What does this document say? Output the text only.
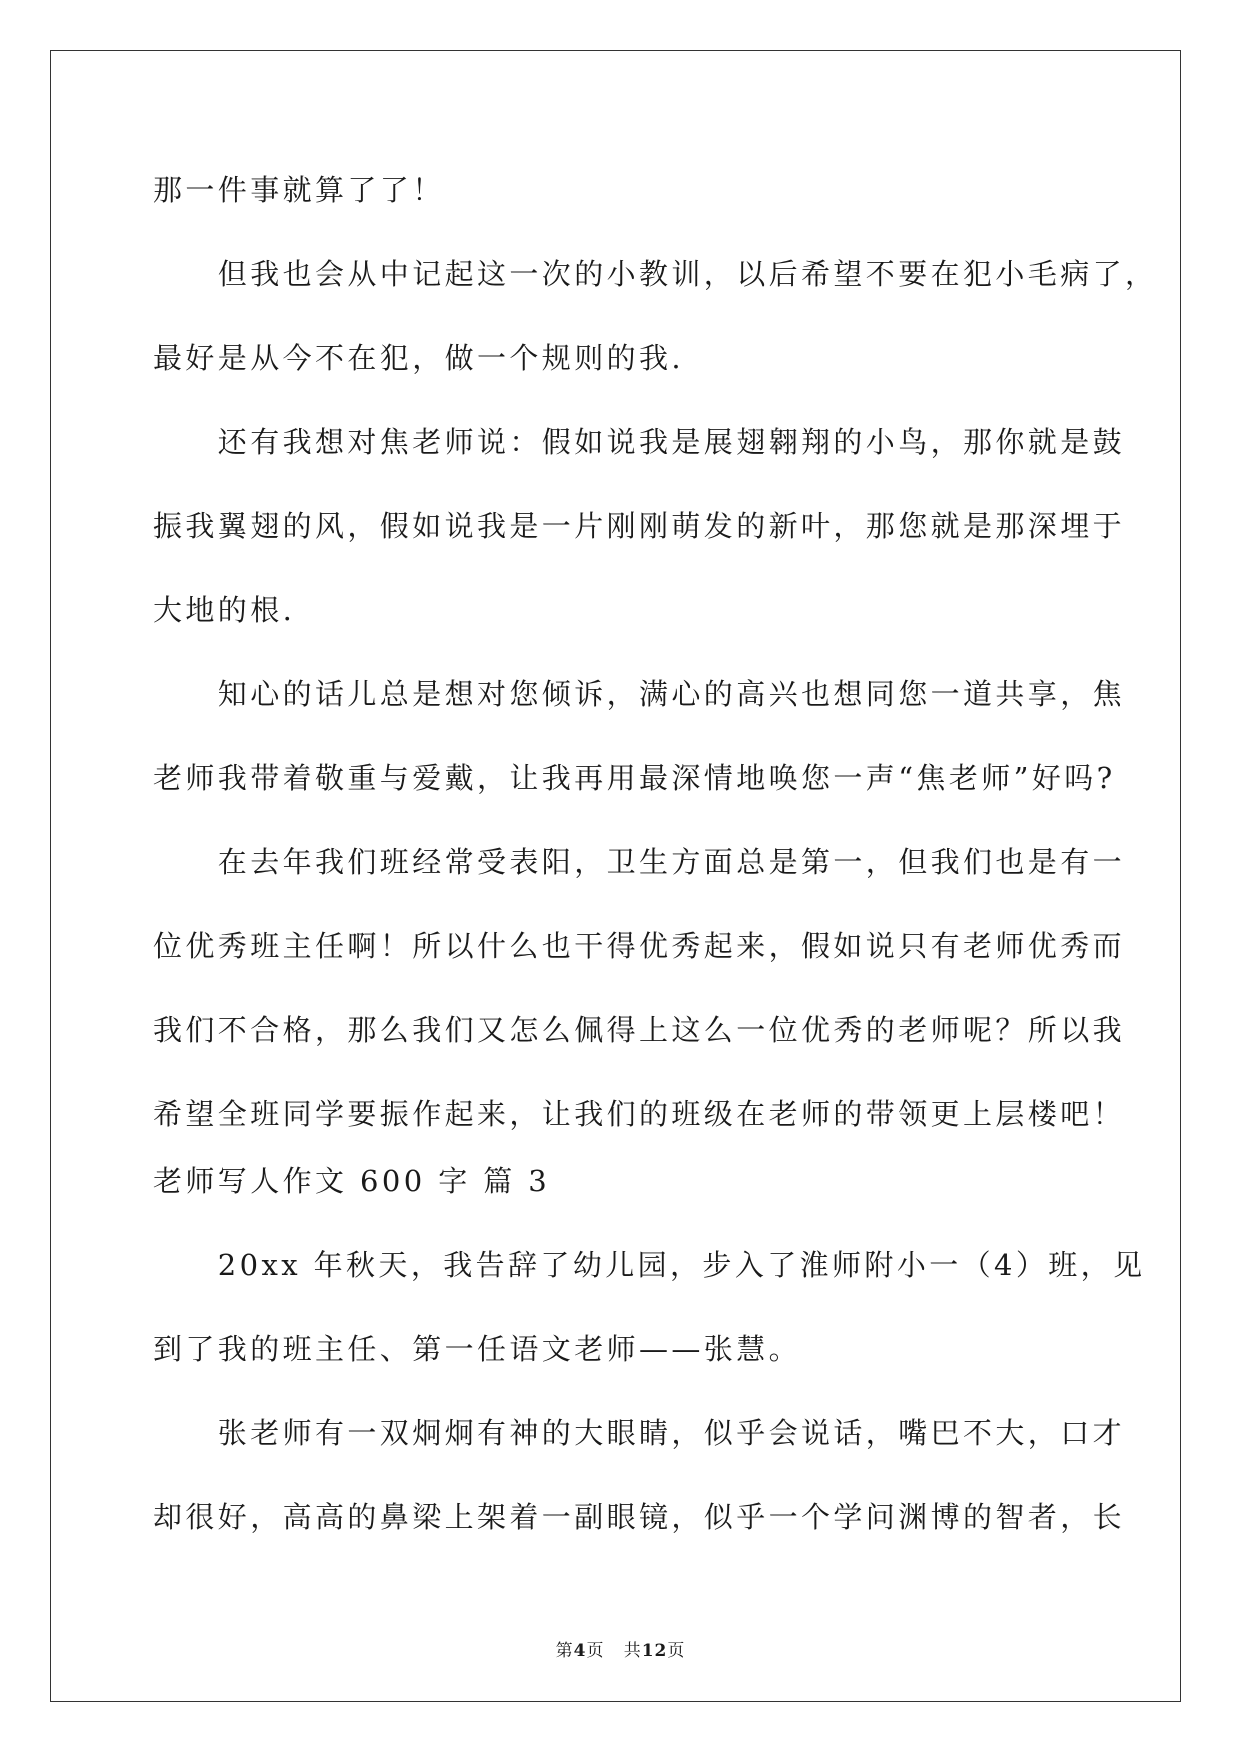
那一件事就算了了！
　　但我也会从中记起这一次的小教训，以后希望不要在犯小毛病了，
最好是从今不在犯，做一个规则的我.
　　还有我想对焦老师说：假如说我是展翅翱翔的小鸟，那你就是鼓
振我翼翅的风，假如说我是一片刚刚萌发的新叶，那您就是那深埋于
大地的根.
　　知心的话儿总是想对您倾诉，满心的高兴也想同您一道共享，焦
老师我带着敬重与爱戴，让我再用最深情地唤您一声“焦老师”好吗?
　　在去年我们班经常受表阳，卫生方面总是第一，但我们也是有一
位优秀班主任啊！所以什么也干得优秀起来，假如说只有老师优秀而
我们不合格，那么我们又怎么佩得上这么一位优秀的老师呢？所以我
希望全班同学要振作起来，让我们的班级在老师的带领更上层楼吧！
老师写人作文 600 字 篇 3
　　20xx 年秋天，我告辞了幼儿园，步入了淮师附小一（4）班，见
到了我的班主任、第一任语文老师——张慧。
　　张老师有一双炯炯有神的大眼睛，似乎会说话，嘴巴不大，口才
却很好，高高的鼻梁上架着一副眼镜，似乎一个学问渊博的智者，长
第4页 共12页
